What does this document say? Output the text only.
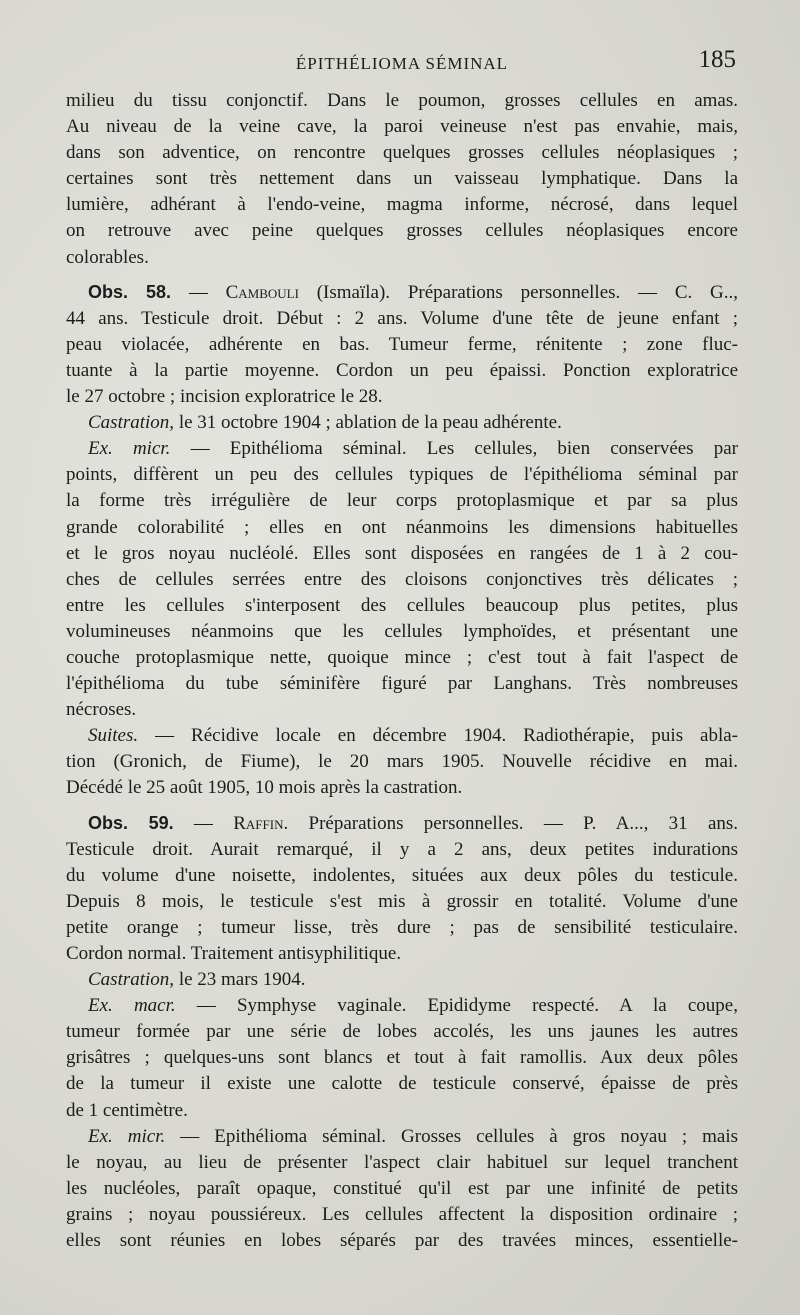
ÉPITHÉLIOMA SÉMINAL	185

milieu du tissu conjonctif. Dans le poumon, grosses cellules en amas.

Au niveau de la veine cave, la paroi veineuse n'est pas envahie, mais,

dans son adventice, on rencontre quelques grosses cellules néoplasiques ;

certaines sont très nettement dans un vaisseau lymphatique. Dans la

lumière, adhérant à l'endo-veine, magma informe, nécrosé, dans lequel

on retrouve avec peine quelques grosses cellules néoplasiques encore

colorables.

Obs. 58. — Cambouli (Ismaïla). Préparations personnelles. — C. G..,

44 ans. Testicule droit. Début : 2 ans. Volume d'une tête de jeune enfant ;

peau violacée, adhérente en bas. Tumeur ferme, rénitente ; zone fluc-

tuante à la partie moyenne. Cordon un peu épaissi. Ponction exploratrice

le 27 octobre ; incision exploratrice le 28.

Castration, le 31 octobre 1904 ; ablation de la peau adhérente.

Ex. micr. — Epithélioma séminal. Les cellules, bien conservées par

points, diffèrent un peu des cellules typiques de l'épithélioma séminal par

la forme très irrégulière de leur corps protoplasmique et par sa plus

grande colorabilité ; elles en ont néanmoins les dimensions habituelles

et le gros noyau nucléolé. Elles sont disposées en rangées de 1 à 2 cou-

ches de cellules serrées entre des cloisons conjonctives très délicates ;

entre les cellules s'interposent des cellules beaucoup plus petites, plus

volumineuses néanmoins que les cellules lymphoïdes, et présentant une

couche protoplasmique nette, quoique mince ; c'est tout à fait l'aspect de

l'épithélioma du tube séminifère figuré par Langhans. Très nombreuses

nécroses.

Suites. — Récidive locale en décembre 1904. Radiothérapie, puis abla-

tion (Gronich, de Fiume), le 20 mars 1905. Nouvelle récidive en mai.

Décédé le 25 août 1905, 10 mois après la castration.

Obs. 59. — Raffin. Préparations personnelles. — P. A..., 31 ans.

Testicule droit. Aurait remarqué, il y a 2 ans, deux petites indurations

du volume d'une noisette, indolentes, situées aux deux pôles du testicule.

Depuis 8 mois, le testicule s'est mis à grossir en totalité. Volume d'une

petite orange ; tumeur lisse, très dure ; pas de sensibilité testiculaire.

Cordon normal. Traitement antisyphilitique.

Castration, le 23 mars 1904.

Ex. macr. — Symphyse vaginale. Epididyme respecté. A la coupe,

tumeur formée par une série de lobes accolés, les uns jaunes les autres

grisâtres ; quelques-uns sont blancs et tout à fait ramollis. Aux deux pôles

de la tumeur il existe une calotte de testicule conservé, épaisse de près

de 1 centimètre.

Ex. micr. — Epithélioma séminal. Grosses cellules à gros noyau ; mais

le noyau, au lieu de présenter l'aspect clair habituel sur lequel tranchent

les nucléoles, paraît opaque, constitué qu'il est par une infinité de petits

grains ; noyau poussiéreux. Les cellules affectent la disposition ordinaire ;

elles sont réunies en lobes séparés par des travées minces, essentielle-
